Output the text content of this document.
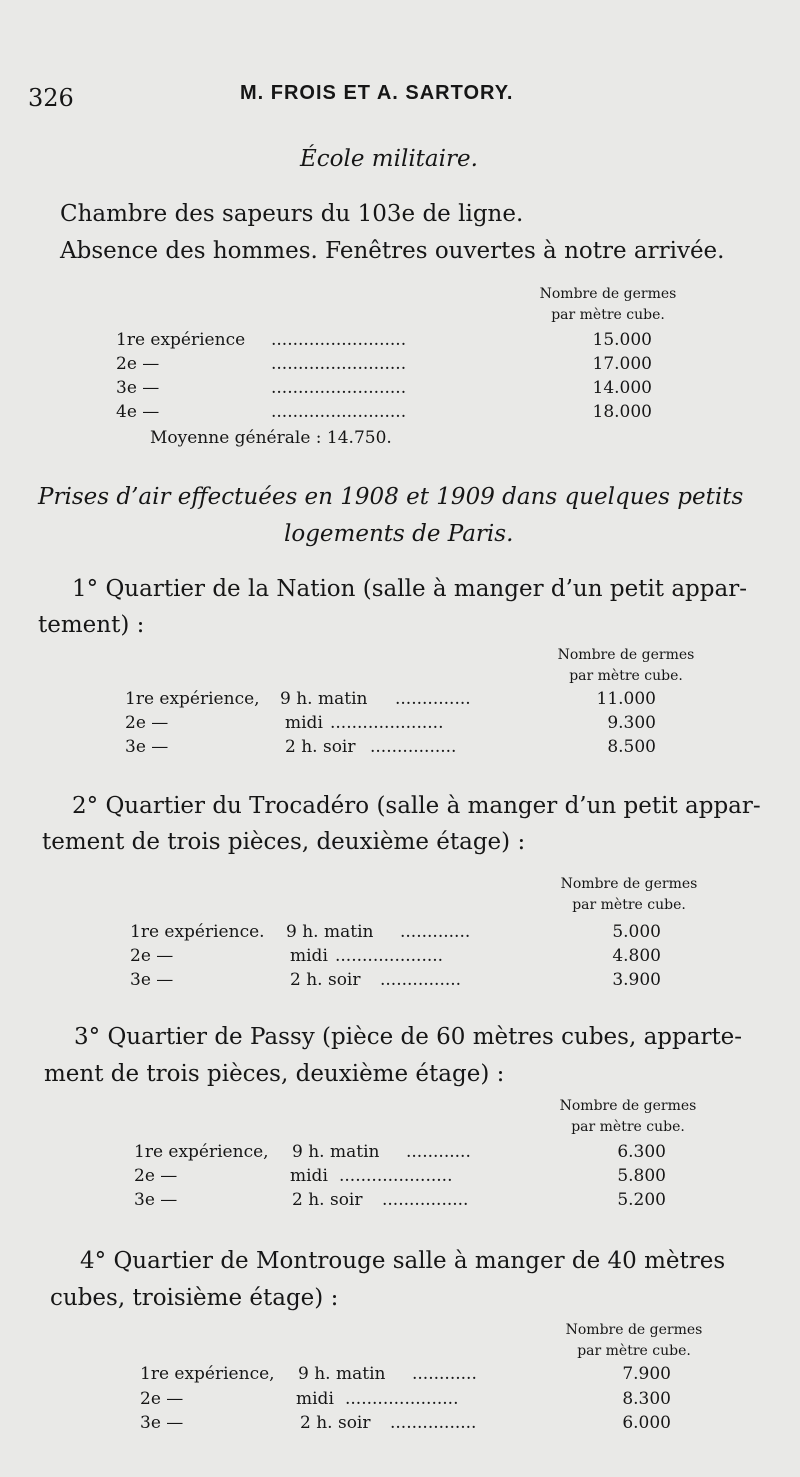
326	M. FROIS ET A. SARTORY.
École militaire.
Chambre des sapeurs du 103e de ligne.
Absence des hommes. Fenêtres ouvertes à notre arrivée.
Nombre de germes
par mètre cube.
1re expérience .........................	15.000
2e —	.........................	17.000
3e —	.........................	14.000
4e —	.........................	18.000
Moyenne générale : 14.750.
Prises d’air effectuées en 1908 et 1909 dans quelques petits
logements de Paris.
1° Quartier de la Nation (salle à manger d’un petit appar-
tement) :
Nombre de germes
par mètre cube.
1re expérience, 9 h. matin ..............	11.000
2e —	midi .....................	9.300
3e —	2 h. soir ................	8.500
2° Quartier du Trocadéro (salle à manger d’un petit appar-
tement de trois pièces, deuxième étage) :
Nombre de germes
par mètre cube.
1re expérience. 9 h. matin .............	5.000
2e —	midi ....................	4.800
3e —	2 h. soir ...............	3.900
3° Quartier de Passy (pièce de 60 mètres cubes, apparte-
ment de trois pièces, deuxième étage) :
Nombre de germes
par mètre cube.
1re expérience, 9 h. matin ............	6.300
2e —	midi .....................	5.800
3e —	2 h. soir ................	5.200
4° Quartier de Montrouge salle à manger de 40 mètres
cubes, troisième étage) :
Nombre de germes
par mètre cube.
1re expérience, 9 h. matin ............	7.900
2e —	midi .....................	8.300
3e —	2 h. soir ................	6.000
